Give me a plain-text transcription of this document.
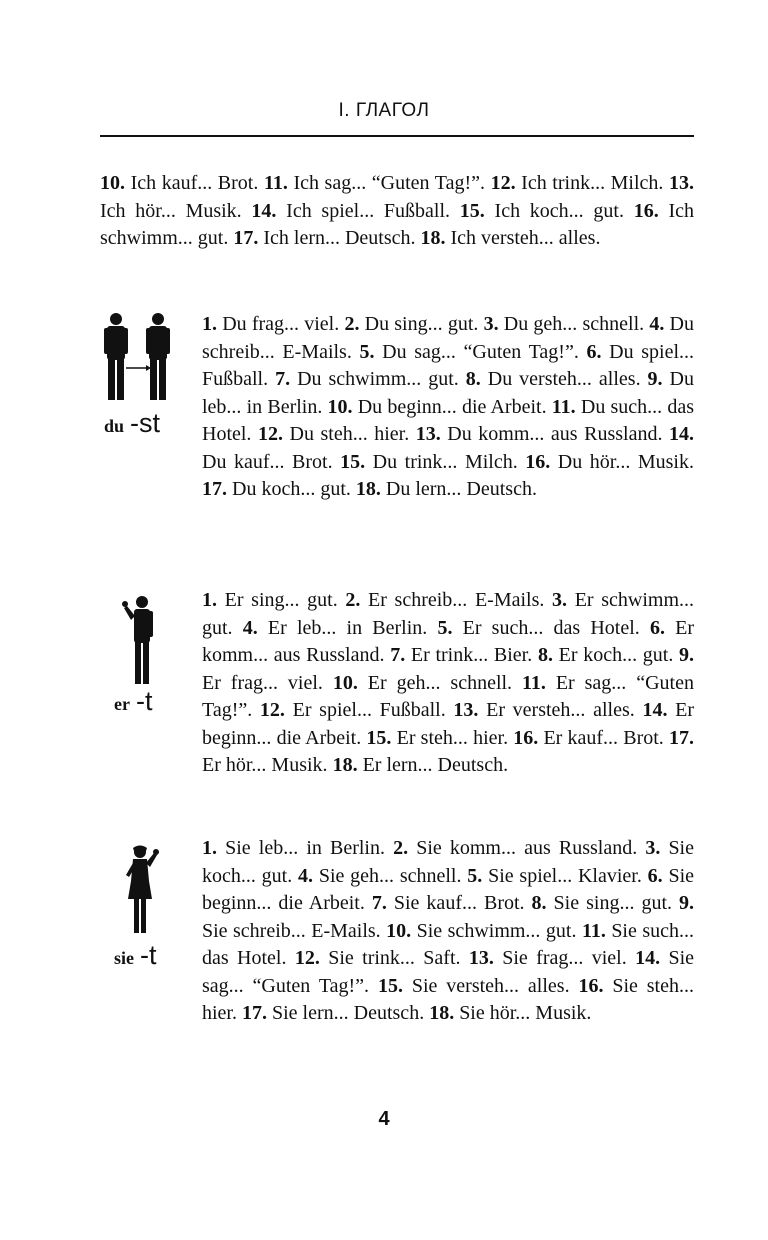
I. ГЛАГОЛ

10. Ich kauf... Brot. 11. Ich sag... “Guten Tag!”. 12. Ich trink... Milch. 13. Ich hör... Musik. 14. Ich spiel... Fußball. 15. Ich koch... gut. 16. Ich schwimm... gut. 17. Ich lern... Deutsch. 18. Ich versteh... alles.

du -st

1. Du frag... viel. 2. Du sing... gut. 3. Du geh... schnell. 4. Du schreib... E-Mails. 5. Du sag... “Guten Tag!”. 6. Du spiel... Fußball. 7. Du schwimm... gut. 8. Du versteh... alles. 9. Du leb... in Berlin. 10. Du beginn... die Arbeit. 11. Du such... das Hotel. 12. Du steh... hier. 13. Du komm... aus Russland. 14. Du kauf... Brot. 15. Du trink... Milch. 16. Du hör... Musik. 17. Du koch... gut. 18. Du lern... Deutsch.

er -t

1. Er sing... gut. 2. Er schreib... E-Mails. 3. Er schwimm... gut. 4. Er leb... in Berlin. 5. Er such... das Hotel. 6. Er komm... aus Russland. 7. Er trink... Bier. 8. Er koch... gut. 9. Er frag... viel. 10. Er geh... schnell. 11. Er sag... “Guten Tag!”. 12. Er spiel... Fußball. 13. Er versteh... alles. 14. Er beginn... die Arbeit. 15. Er steh... hier. 16. Er kauf... Brot. 17. Er hör... Musik. 18. Er lern... Deutsch.

sie -t

1. Sie leb... in Berlin. 2. Sie komm... aus Russland. 3. Sie koch... gut. 4. Sie geh... schnell. 5. Sie spiel... Klavier. 6. Sie beginn... die Arbeit. 7. Sie kauf... Brot. 8. Sie sing... gut. 9. Sie schreib... E-Mails. 10. Sie schwimm... gut. 11. Sie such... das Hotel. 12. Sie trink... Saft. 13. Sie frag... viel. 14. Sie sag... “Guten Tag!”. 15. Sie versteh... alles. 16. Sie steh... hier. 17. Sie lern... Deutsch. 18. Sie hör... Musik.

4
